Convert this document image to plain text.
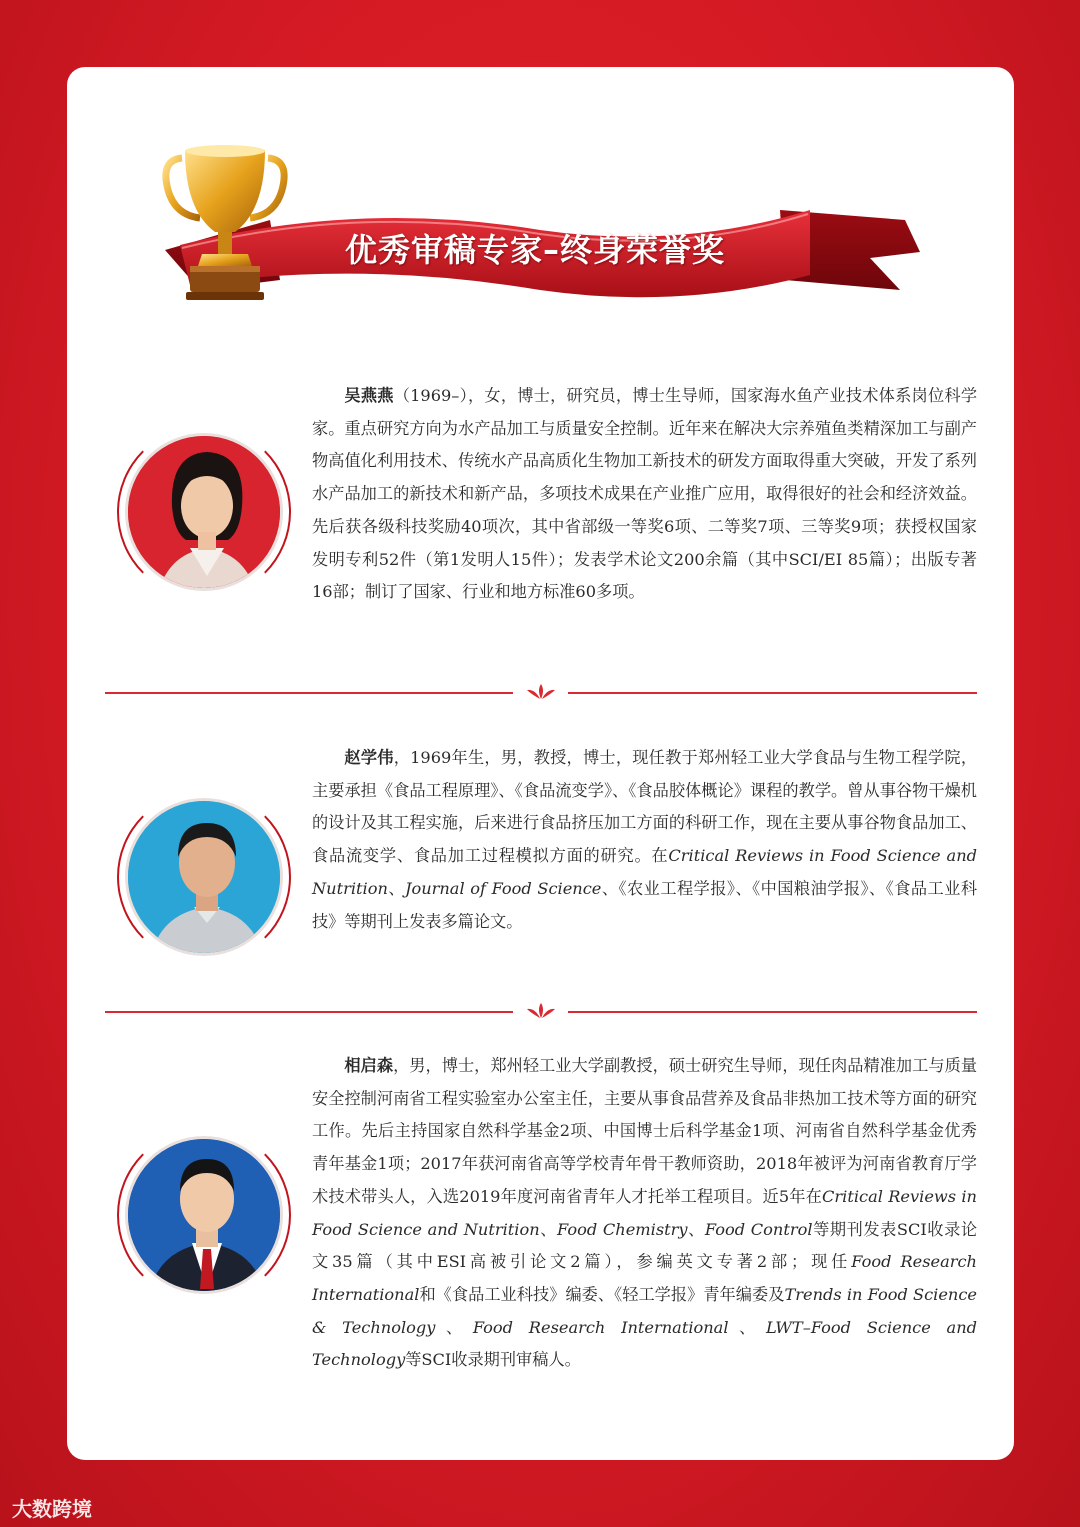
优秀审稿专家–终身荣誉奖

吴燕燕（1969–），女，博士，研究员，博士生导师，国家海水鱼产业技术体系岗位科学家。重点研究方向为水产品加工与质量安全控制。近年来在解决大宗养殖鱼类精深加工与副产物高值化利用技术、传统水产品高质化生物加工新技术的研发方面取得重大突破，开发了系列水产品加工的新技术和新产品，多项技术成果在产业推广应用，取得很好的社会和经济效益。先后获各级科技奖励40项次，其中省部级一等奖6项、二等奖7项、三等奖9项；获授权国家发明专利52件（第1发明人15件）；发表学术论文200余篇（其中SCI/EI 85篇）；出版专著16部；制订了国家、行业和地方标准60多项。

赵学伟，1969年生，男，教授，博士，现任教于郑州轻工业大学食品与生物工程学院，主要承担《食品工程原理》、《食品流变学》、《食品胶体概论》课程的教学。曾从事谷物干燥机的设计及其工程实施，后来进行食品挤压加工方面的科研工作，现在主要从事谷物食品加工、食品流变学、食品加工过程模拟方面的研究。在Critical Reviews in Food Science and Nutrition、Journal of Food Science、《农业工程学报》、《中国粮油学报》、《食品工业科技》等期刊上发表多篇论文。

相启森，男，博士，郑州轻工业大学副教授，硕士研究生导师，现任肉品精准加工与质量安全控制河南省工程实验室办公室主任，主要从事食品营养及食品非热加工技术等方面的研究工作。先后主持国家自然科学基金2项、中国博士后科学基金1项、河南省自然科学基金优秀青年基金1项；2017年获河南省高等学校青年骨干教师资助，2018年被评为河南省教育厅学术技术带头人，入选2019年度河南省青年人才托举工程项目。近5年在Critical Reviews in Food Science and Nutrition、Food Chemistry、Food Control等期刊发表SCI收录论文35篇（其中ESI高被引论文2篇），参编英文专著2部；现任Food Research International和《食品工业科技》编委、《轻工学报》青年编委及Trends in Food Science & Technology、Food Research International、LWT–Food Science and Technology等SCI收录期刊审稿人。

大数跨境
